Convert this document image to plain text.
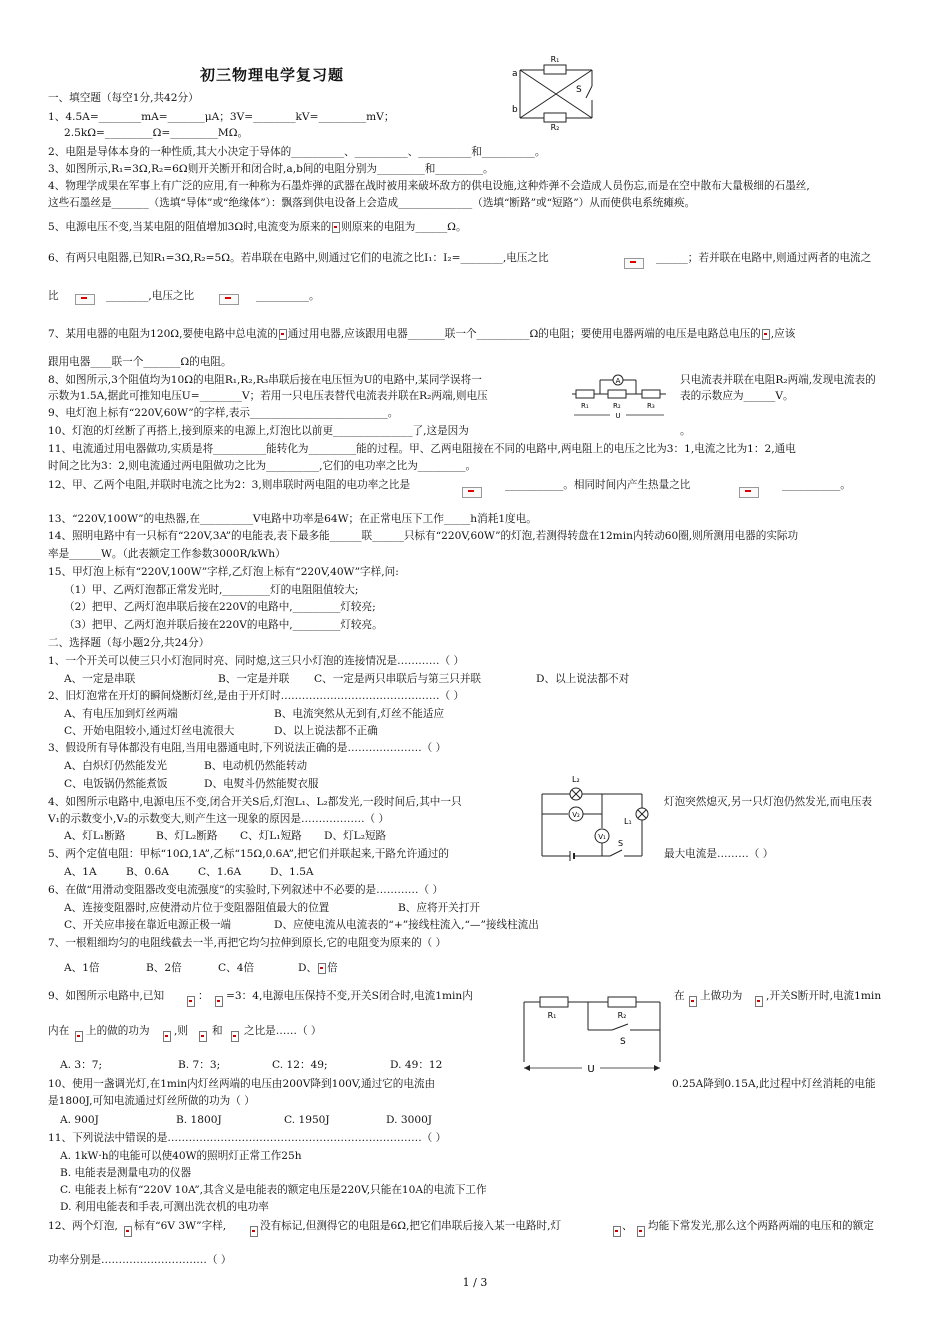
初三物理电学复习题
R₁
R₂
a
b
S
A
R₁	R₂	R₃
U
L₂
L₁
V₂
V₁
S
R₁	R₂
S
U
一、填空题（每空1分,共42分）
1、4.5A=________mA=_______μA；3V=________kV=_________mV；
2.5kΩ=_________Ω=_________MΩ。
2、电阻是导体本身的一种性质,其大小决定于导体的__________、__________、__________和__________。
3、如图所示,R₁=3Ω,R₂=6Ω则开关断开和闭合时,a,b间的电阻分别为_________和_________。
4、物理学成果在军事上有广泛的应用,有一种称为石墨炸弹的武器在战时被用来破坏敌方的供电设施,这种炸弹不会造成人员伤忘,而是在空中散布大量极细的石墨丝,
这些石墨丝是_______（选填“导体”或“绝缘体”）：飘落到供电设备上会造成______________（选填“断路”或“短路”）从而使供电系统瘫痪。
5、电源电压不变,当某电阻的阻值增加3Ω时,电流变为原来的 则原来的电阻为______Ω。
6、有两只电阻器,已知R₁=3Ω,R₂=5Ω。若串联在电路中,则通过它们的电流之比I₁：I₂=________,电压之比	______；若并联在电路中,则通过两者的电流之
比	________,电压之比	__________。
7、某用电器的电阻为120Ω,要使电路中总电流的 通过用电器,应该跟用电器_______联一个__________Ω的电阻；要使用电器两端的电压是电路总电压的 ,应该
跟用电器____联一个_______Ω的电阻。
8、如图所示,3个阻值均为10Ω的电阻R₁,R₂,R₃串联后接在电压恒为U的电路中,某同学误将一	只电流表并联在电阻R₂两端,发现电流表的
示数为1.5A,据此可推知电压U=________V；若用一只电压表替代电流表并联在R₂两端,则电压	表的示数应为______V。
9、电灯泡上标有“220V,60W”的字样,表示__________________________。
10、灯泡的灯丝断了再搭上,接到原来的电源上,灯泡比以前更_______________了,这是因为	。
11、电流通过用电器做功,实质是将__________能转化为_________能的过程。甲、乙两电阻接在不同的电路中,两电阻上的电压之比为3：1,电流之比为1：2,通电
时间之比为3：2,则电流通过两电阻做功之比为__________,它们的电功率之比为_________。
12、甲、乙两个电阻,并联时电流之比为2：3,则串联时两电阻的电功率之比是	___________。相同时间内产生热量之比	___________。
13、“220V,100W”的电热器,在__________V电路中功率是64W；在正常电压下工作_____h消耗1度电。
14、照明电路中有一只标有“220V,3A”的电能表,表下最多能______联______只标有“220V,60W”的灯泡,若测得转盘在12min内转动60圈,则所测用电器的实际功
率是______W。（此表额定工作参数3000R/kWh）
15、甲灯泡上标有“220V,100W”字样,乙灯泡上标有“220V,40W”字样,问:
（1）甲、乙两灯泡都正常发光时,_________灯的电阻阻值较大;
（2）把甲、乙两灯泡串联后接在220V的电路中,_________灯较亮;
（3）把甲、乙两灯泡并联后接在220V的电路中,_________灯较亮。
二、选择题（每小题2分,共24分）
1、一个开关可以使三只小灯泡同时亮、同时熄,这三只小灯泡的连接情况是…………（ ）
A、一定是串联	B、一定是并联 C、一定是两只串联后与第三只并联	D、以上说法都不对
2、旧灯泡常在开灯的瞬间烧断灯丝,是由于开灯时………………………………………（ ）
A、有电压加到灯丝两端	B、电流突然从无到有,灯丝不能适应
C、开始电阻较小,通过灯丝电流很大	D、以上说法都不正确
3、假设所有导体都没有电阻,当用电器通电时,下列说法正确的是…………………（ ）
A、白炽灯仍然能发光	B、电动机仍然能转动
C、电饭锅仍然能煮饭	D、电熨斗仍然能熨衣服
4、如图所示电路中,电源电压不变,闭合开关S后,灯泡L₁、L₂都发光,一段时间后,其中一只	灯泡突然熄灭,另一只灯泡仍然发光,而电压表
V₁的示数变小,V₂的示数变大,则产生这一现象的原因是………………（ ）
A、灯L₁断路	B、灯L₂断路 C、灯L₁短路 D、灯L₂短路
5、两个定值电阻：甲标“10Ω,1A”,乙标“15Ω,0.6A”,把它们并联起来,干路允许通过的	最大电流是………（ ）
A、1A	B、0.6A	C、1.6A	D、1.5A
6、在做“用滑动变阻器改变电流强度”的实验时,下列叙述中不必要的是…………（ ）
A、连接变阻器时,应使滑动片位于变阻器阻值最大的位置	B、应将开关打开
C、开关应串接在靠近电源正极一端	D、应使电流从电流表的“+”接线柱流入,“—”接线柱流出
7、一根粗细均匀的电阻线截去一半,再把它均匀拉伸到原长,它的电阻变为原来的（ ）
A、1倍	B、2倍	C、4倍	D、 倍
9、如图所示电路中,已知	： =3：4,电源电压保持不变,开关S闭合时,电流1min内	在 上做功为 ,开关S断开时,电流1min
内在 上的做的功为 ,则 和 之比是……（ ）
A. 3：7;	B. 7：3;	C. 12：49;	D. 49：12
10、使用一盏调光灯,在1min内灯丝两端的电压由200V降到100V,通过它的电流由	0.25A降到0.15A,此过程中灯丝消耗的电能
是1800J,可知电流通过灯丝所做的功为（ ）
A. 900J	B. 1800J	C. 1950J	D. 3000J
11、下列说法中错误的是………………………………………………………………（ ）
A. 1kW·h的电能可以使40W的照明灯正常工作25h
B. 电能表是测量电功的仪器
C. 电能表上标有“220V 10A”,其含义是电能表的额定电压是220V,只能在10A的电流下工作
D. 利用电能表和手表,可测出洗衣机的电功率
12、两个灯泡, 标有“6V 3W”字样,	没有标记,但测得它的电阻是6Ω,把它们串联后接入某一电路时,灯	、 均能下常发光,那么这个两路两端的电压和的额定
功率分别是…………………………（ ）
1 / 3
